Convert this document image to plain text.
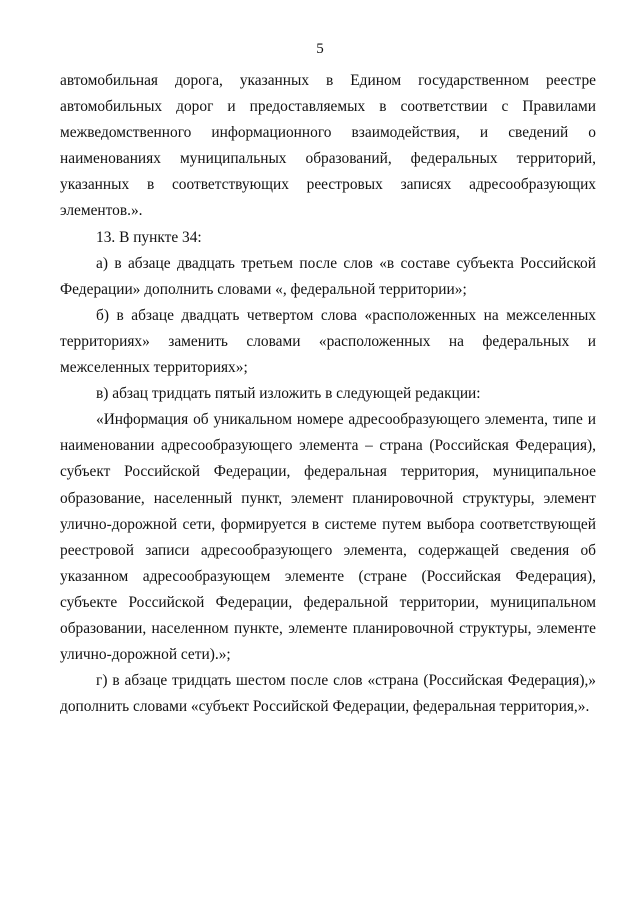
5

автомобильная дорога, указанных в Едином государственном реестре автомобильных дорог и предоставляемых в соответствии с Правилами межведомственного информационного взаимодействия, и сведений о наименованиях муниципальных образований, федеральных территорий, указанных в соответствующих реестровых записях адресообразующих элементов.».

13. В пункте 34:

а) в абзаце двадцать третьем после слов «в составе субъекта Российской Федерации» дополнить словами «, федеральной территории»;

б) в абзаце двадцать четвертом слова «расположенных на межселенных территориях» заменить словами «расположенных на федеральных и межселенных территориях»;

в) абзац тридцать пятый изложить в следующей редакции:

«Информация об уникальном номере адресообразующего элемента, типе и наименовании адресообразующего элемента – страна (Российская Федерация), субъект Российской Федерации, федеральная территория, муниципальное образование, населенный пункт, элемент планировочной структуры, элемент улично-дорожной сети, формируется в системе путем выбора соответствующей реестровой записи адресообразующего элемента, содержащей сведения об указанном адресообразующем элементе (стране (Российская Федерация), субъекте Российской Федерации, федеральной территории, муниципальном образовании, населенном пункте, элементе планировочной структуры, элементе улично-дорожной сети).»;

г) в абзаце тридцать шестом после слов «страна (Российская Федерация),» дополнить словами «субъект Российской Федерации, федеральная территория,».
